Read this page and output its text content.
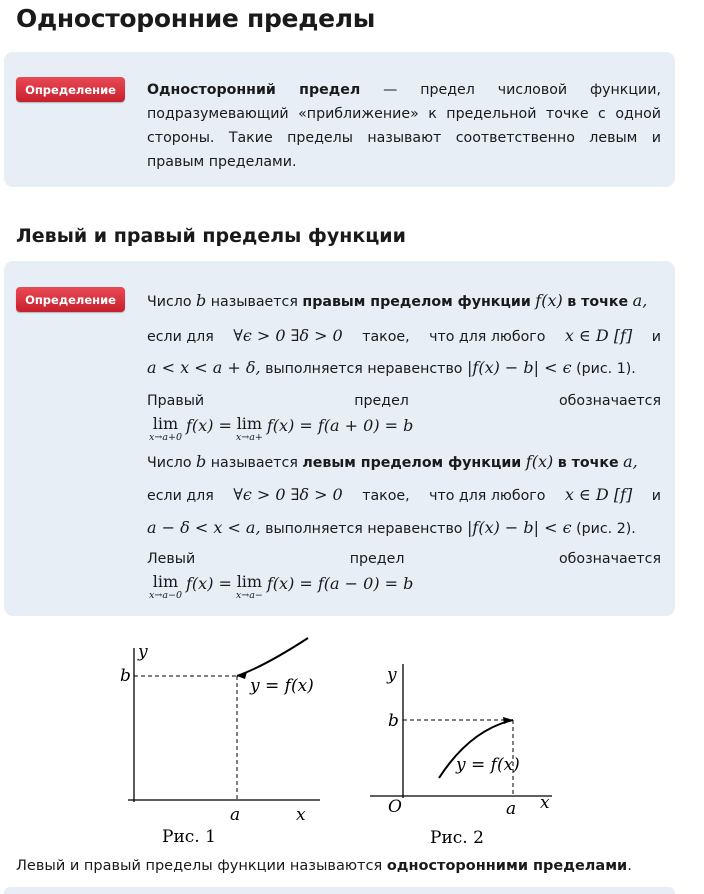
Односторонние пределы
Определение	Односторонний предел — предел числовой функции, подразумевающий «приближение» к предельной точке с одной стороны. Такие пределы называют соответственно левым и правым пределами.
Левый и правый пределы функции
Определение	Число
b
называется
правым пределом функции
f(x)
в точке
a,
если для ∀ϵ > 0 ∃δ > 0 такое, что для любого x ∈ D [f] и
a < x < a + δ,
выполняется неравенство
|f(x) − b| < ϵ
(рис. 1).
Правый	предел	обозначается
lim
x→a+0
f(x) = lim
x→a+
f(x) = f(a + 0) = b
Число
b
называется
левым пределом функции
f(x)
в точке
a,
если для ∀ϵ > 0 ∃δ > 0 такое, что для любого x ∈ D [f] и
a − δ < x < a,
выполняется неравенство
|f(x) − b| < ϵ
(рис. 2).
Левый	предел	обозначается
lim
x→a−0
f(x) = lim
x→a−
f(x) = f(a − 0) = b
y
b
a	x
y = f(x)
Рис. 1
y
b
O	a x
y = f(x)
Рис. 2
Левый и правый пределы функции называются односторонними пределами.
